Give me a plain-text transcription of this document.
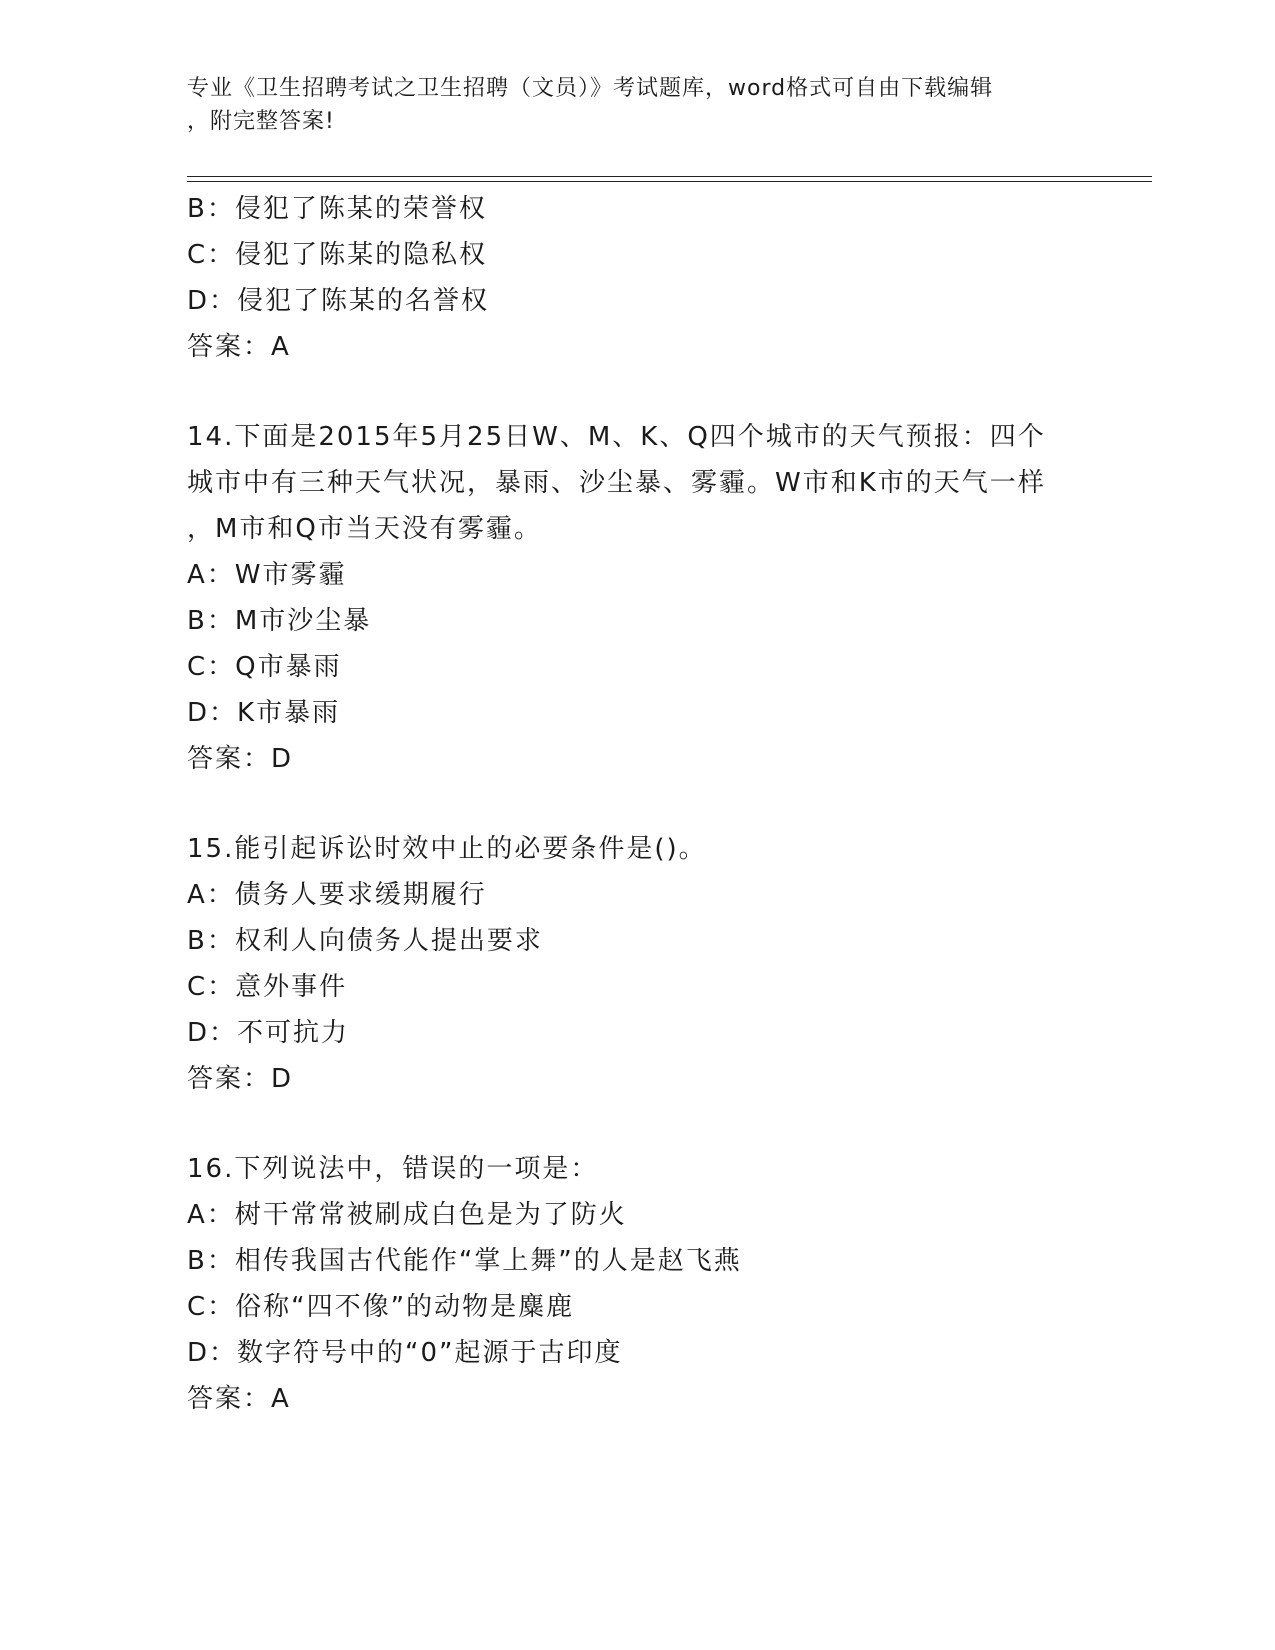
专业《卫生招聘考试之卫生招聘（文员）》考试题库，word格式可自由下载编辑
，附完整答案!
B：侵犯了陈某的荣誉权
C：侵犯了陈某的隐私权
D：侵犯了陈某的名誉权
答案：A
14.下面是2015年5月25日W、M、K、Q四个城市的天气预报：四个
城市中有三种天气状况，暴雨、沙尘暴、雾霾。W市和K市的天气一样
，M市和Q市当天没有雾霾。
A：W市雾霾
B：M市沙尘暴
C：Q市暴雨
D：K市暴雨
答案：D
15.能引起诉讼时效中止的必要条件是()。
A：债务人要求缓期履行
B：权利人向债务人提出要求
C：意外事件
D：不可抗力
答案：D
16.下列说法中，错误的一项是：
A：树干常常被刷成白色是为了防火
B：相传我国古代能作“掌上舞”的人是赵飞燕
C：俗称“四不像”的动物是麋鹿
D：数字符号中的“0”起源于古印度
答案：A
